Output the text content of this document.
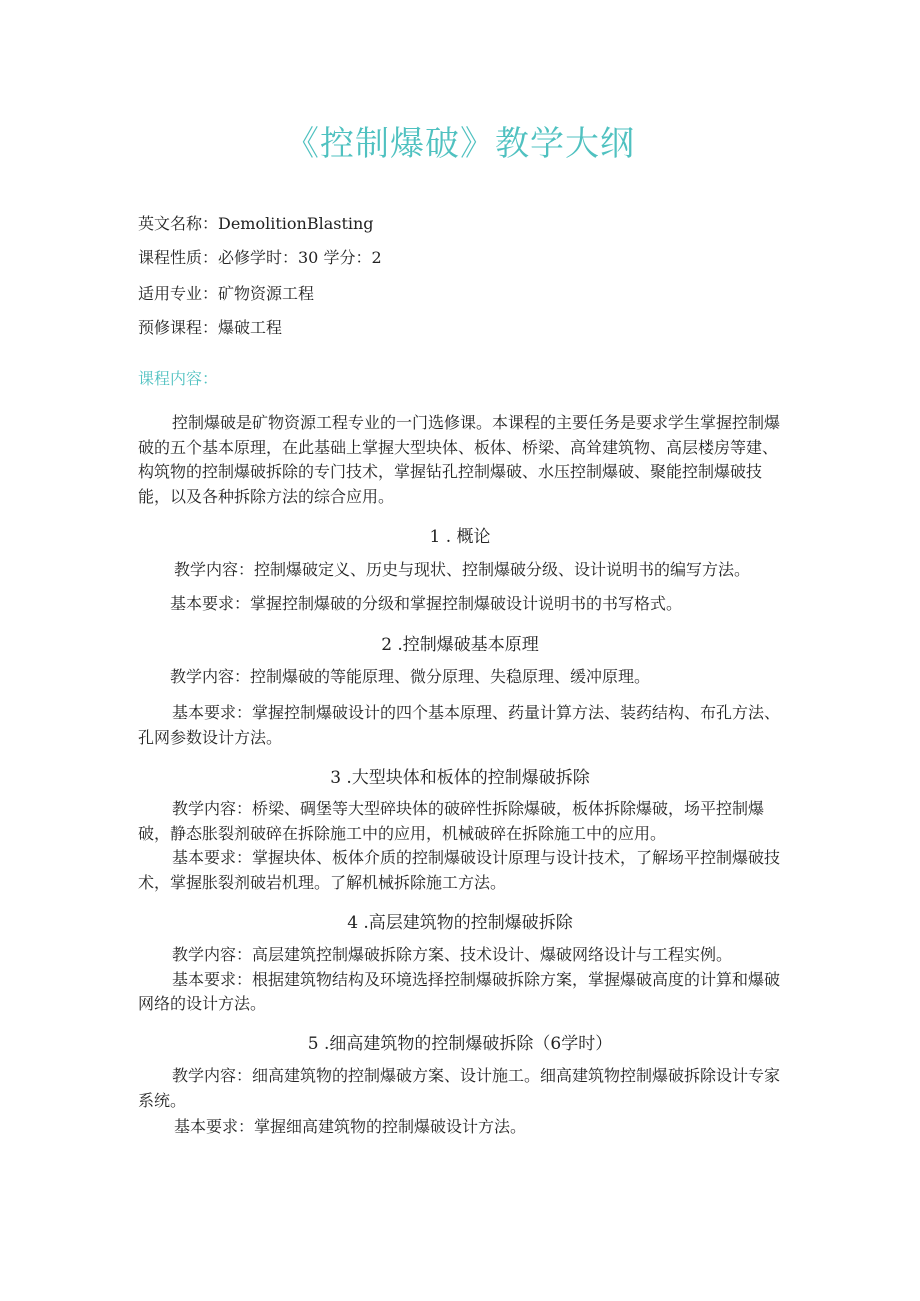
《控制爆破》教学大纲
英文名称：DemolitionBlasting
课程性质：必修学时：30 学分：2
适用专业：矿物资源工程
预修课程：爆破工程
课程内容：

控制爆破是矿物资源工程专业的一门选修课。本课程的主要任务是要求学生掌握控制爆破的五个基本原理，在此基础上掌握大型块体、板体、桥梁、高耸建筑物、高层楼房等建、构筑物的控制爆破拆除的专门技术，掌握钻孔控制爆破、水压控制爆破、聚能控制爆破技能，以及各种拆除方法的综合应用。

1 . 概论
教学内容：控制爆破定义、历史与现状、控制爆破分级、设计说明书的编写方法。
基本要求：掌握控制爆破的分级和掌握控制爆破设计说明书的书写格式。
2 .控制爆破基本原理
教学内容：控制爆破的等能原理、微分原理、失稳原理、缓冲原理。

基本要求：掌握控制爆破设计的四个基本原理、药量计算方法、装药结构、布孔方法、孔网参数设计方法。

3 .大型块体和板体的控制爆破拆除

教学内容：桥梁、碉堡等大型碎块体的破碎性拆除爆破，板体拆除爆破，场平控制爆破，静态胀裂剂破碎在拆除施工中的应用，机械破碎在拆除施工中的应用。

基本要求：掌握块体、板体介质的控制爆破设计原理与设计技术，了解场平控制爆破技术，掌握胀裂剂破岩机理。了解机械拆除施工方法。

4 .高层建筑物的控制爆破拆除

教学内容：高层建筑控制爆破拆除方案、技术设计、爆破网络设计与工程实例。

基本要求：根据建筑物结构及环境选择控制爆破拆除方案，掌握爆破高度的计算和爆破网络的设计方法。

5 .细高建筑物的控制爆破拆除（6学时）

教学内容：细高建筑物的控制爆破方案、设计施工。细高建筑物控制爆破拆除设计专家系统。

基本要求：掌握细高建筑物的控制爆破设计方法。
